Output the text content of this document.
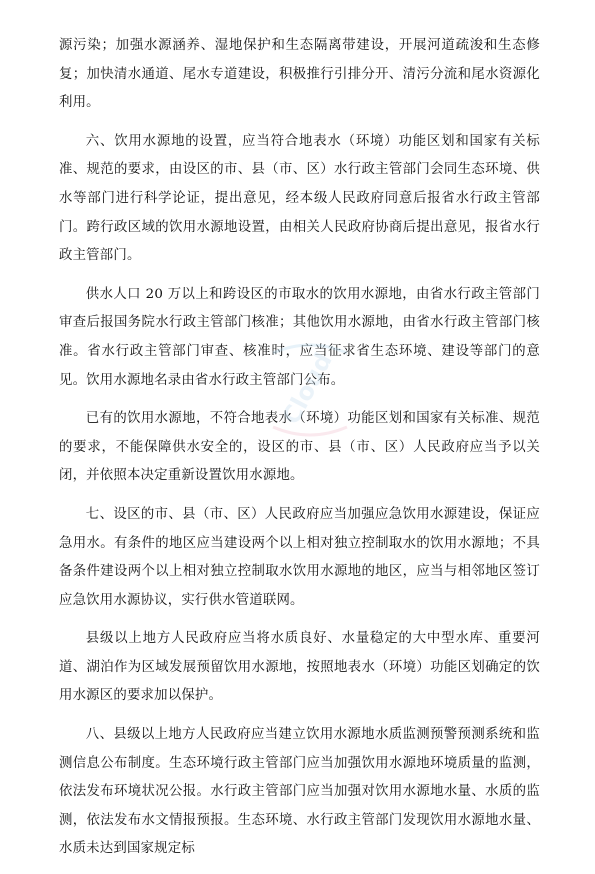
源污染；加强水源涵养、湿地保护和生态隔离带建设，开展河道疏浚和生态修复；加快清水通道、尾水专道建设，积极推行引排分开、清污分流和尾水资源化利用。

六、饮用水源地的设置，应当符合地表水（环境）功能区划和国家有关标准、规范的要求，由设区的市、县（市、区）水行政主管部门会同生态环境、供水等部门进行科学论证，提出意见，经本级人民政府同意后报省水行政主管部门。跨行政区域的饮用水源地设置，由相关人民政府协商后提出意见，报省水行政主管部门。

供水人口 20 万以上和跨设区的市取水的饮用水源地，由省水行政主管部门审查后报国务院水行政主管部门核准；其他饮用水源地，由省水行政主管部门核准。省水行政主管部门审查、核准时，应当征求省生态环境、建设等部门的意见。饮用水源地名录由省水行政主管部门公布。

已有的饮用水源地，不符合地表水（环境）功能区划和国家有关标准、规范的要求，不能保障供水安全的，设区的市、县（市、区）人民政府应当予以关闭，并依照本决定重新设置饮用水源地。

七、设区的市、县（市、区）人民政府应当加强应急饮用水源建设，保证应急用水。有条件的地区应当建设两个以上相对独立控制取水的饮用水源地；不具备条件建设两个以上相对独立控制取水饮用水源地的地区，应当与相邻地区签订应急饮用水源协议，实行供水管道联网。

县级以上地方人民政府应当将水质良好、水量稳定的大中型水库、重要河道、湖泊作为区域发展预留饮用水源地，按照地表水（环境）功能区划确定的饮用水源区的要求加以保护。

八、县级以上地方人民政府应当建立饮用水源地水质监测预警预测系统和监测信息公布制度。生态环境行政主管部门应当加强饮用水源地环境质量的监测，依法发布环境状况公报。水行政主管部门应当加强对饮用水源地水量、水质的监测，依法发布水文情报预报。生态环境、水行政主管部门发现饮用水源地水量、水质未达到国家规定标

Cloud
